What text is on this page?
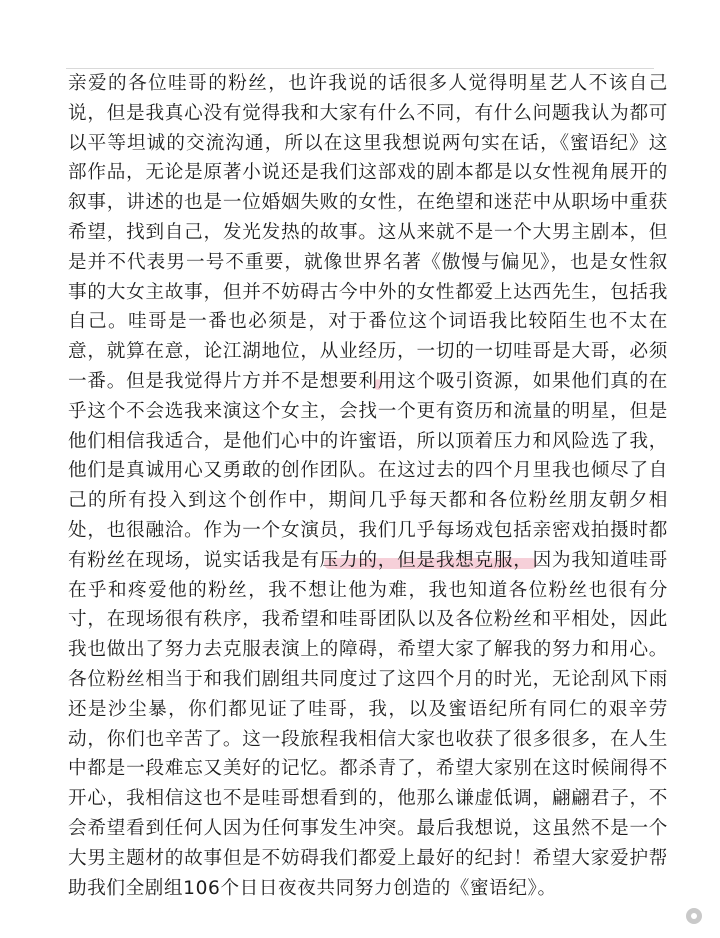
亲爱的各位哇哥的粉丝，也许我说的话很多人觉得明星艺人不该自己说，但是我真心没有觉得我和大家有什么不同，有什么问题我认为都可以平等坦诚的交流沟通，所以在这里我想说两句实在话，《蜜语纪》这部作品，无论是原著小说还是我们这部戏的剧本都是以女性视角展开的叙事，讲述的也是一位婚姻失败的女性，在绝望和迷茫中从职场中重获希望，找到自己，发光发热的故事。这从来就不是一个大男主剧本，但是并不代表男一号不重要，就像世界名著《傲慢与偏见》，也是女性叙事的大女主故事，但并不妨碍古今中外的女性都爱上达西先生，包括我自己。哇哥是一番也必须是，对于番位这个词语我比较陌生也不太在意，就算在意，论江湖地位，从业经历，一切的一切哇哥是大哥，必须一番。但是我觉得片方并不是想要利用这个吸引资源，如果他们真的在乎这个不会选我来演这个女主，会找一个更有资历和流量的明星，但是他们相信我适合，是他们心中的许蜜语，所以顶着压力和风险选了我，他们是真诚用心又勇敢的创作团队。在这过去的四个月里我也倾尽了自己的所有投入到这个创作中，期间几乎每天都和各位粉丝朋友朝夕相处，也很融洽。作为一个女演员，我们几乎每场戏包括亲密戏拍摄时都有粉丝在现场，说实话我是有压力的，但是我想克服，因为我知道哇哥在乎和疼爱他的粉丝，我不想让他为难，我也知道各位粉丝也很有分寸，在现场很有秩序，我希望和哇哥团队以及各位粉丝和平相处，因此我也做出了努力去克服表演上的障碍，希望大家了解我的努力和用心。各位粉丝相当于和我们剧组共同度过了这四个月的时光，无论刮风下雨还是沙尘暴，你们都见证了哇哥，我，以及蜜语纪所有同仁的艰辛劳动，你们也辛苦了。这一段旅程我相信大家也收获了很多很多，在人生中都是一段难忘又美好的记忆。都杀青了，希望大家别在这时候闹得不开心，我相信这也不是哇哥想看到的，他那么谦虚低调，翩翩君子，不会希望看到任何人因为任何事发生冲突。最后我想说，这虽然不是一个大男主题材的故事但是不妨碍我们都爱上最好的纪封！希望大家爱护帮助我们全剧组106个日日夜夜共同努力创造的《蜜语纪》。
